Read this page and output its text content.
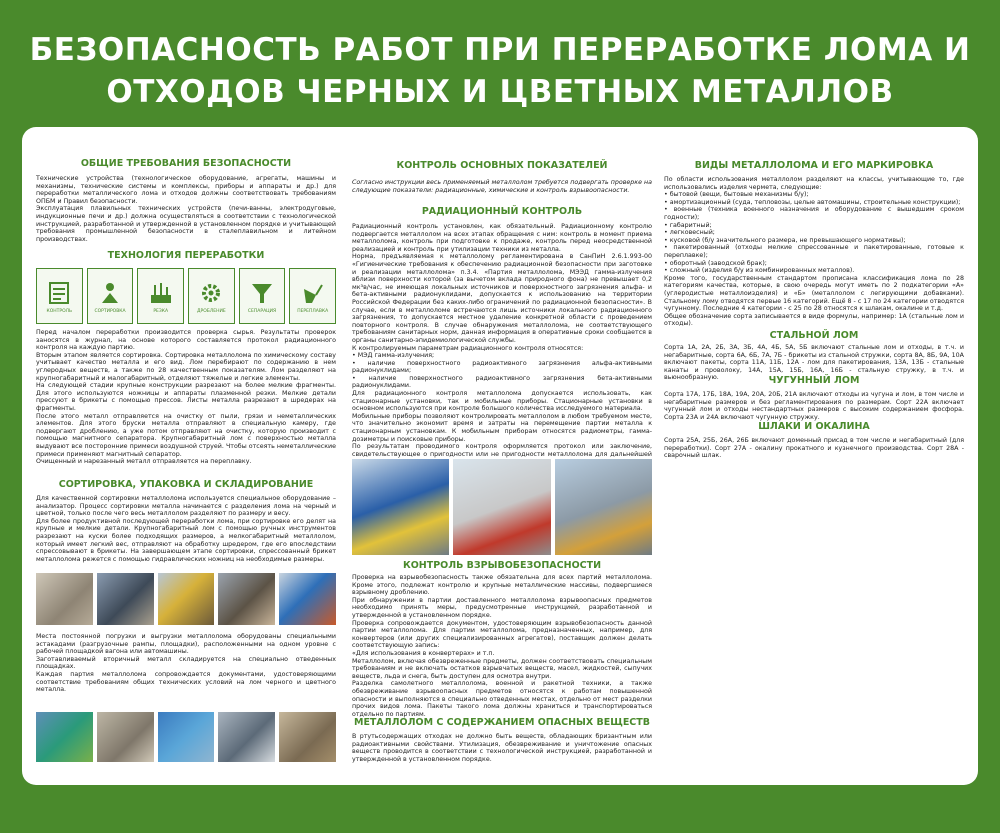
БЕЗОПАСНОСТЬ РАБОТ ПРИ ПЕРЕРАБОТКЕ ЛОМА И
ОТХОДОВ ЧЕРНЫХ И ЦВЕТНЫХ МЕТАЛЛОВ
ОБЩИЕ ТРЕБОВАНИЯ БЕЗОПАСНОСТИ

Технические устройства (технологическое оборудование, агрегаты, машины и механизмы, технические системы и комплексы, приборы и аппараты и др.) для переработки металлического лома и отходов должны соответствовать требованиям ОПБМ и Правил безопасности.
Эксплуатация плавильных технических устройств (печи-ванны, электродуговые, индукционные печи и др.) должна осуществляться в соответствии с технологической инструкцией, разработанной и утвержденной в установленном порядке и учитывающей требования промышленной безопасности в сталеплавильном и литейном производствах.

ТЕХНОЛОГИЯ ПЕРЕРАБОТКИ
КОНТРОЛЬ	СОРТИРОВКА	РЕЗКА	ДРОБЛЕНИЕ	СЕПАРАЦИЯ	ПЕРЕПЛАВКА

Перед началом переработки производится проверка сырья. Результаты проверок заносятся в журнал, на основе которого составляется протокол радиационного контроля на каждую партию.
Вторым этапом является сортировка. Сортировка металлолома по химическому составу учитывает качество металла и его вид. Лом перебирают по содержанию в нем углеродных веществ, а также по 28 качественным показателям. Лом разделяют на крупногабаритный и малогабаритный, отделяют тяжелые и легкие элементы.
На следующей стадии крупные конструкции разрезают на более мелкие фрагменты. Для этого используются ножницы и аппараты плазменной резки. Мелкие детали прессуют в брикеты с помощью прессов. Листы металла разрезают в шредерах на фрагменты.
После этого металл отправляется на очистку от пыли, грязи и неметаллических элементов. Для этого бруски металла отправляют в специальную камеру, где подвергают дроблению, а уже потом отправляют на очистку, которую производит с помощью магнитного сепаратора. Крупногабаритный лом с поверхностью металла выдувают все посторонние примеси воздушной струей. Чтобы отсеять неметаллические примеси применяют магнитный сепаратор.
Очищенный и нарезанный металл отправляется на переплавку.

СОРТИРОВКА, УПАКОВКА И СКЛАДИРОВАНИЕ

Для качественной сортировки металлолома используется специальное оборудование – анализатор. Процесс сортировки металла начинается с разделения лома на черный и цветной, только после чего весь металлолом разделяют по размеру и весу.
Для более продуктивной последующей переработки лома, при сортировке его делят на крупные и мелкие детали. Крупногабаритный лом с помощью ручных инструментов разрезают на куски более подходящих размеров, а мелкогабаритный металлолом, который имеет легкий вес, отправляют на обработку шредером, где его впоследствии спрессовывают в брикеты. На завершающем этапе сортировки, спрессованный брикет металлолома режется с помощью гидравлических ножниц на необходимые размеры.

Места постоянной погрузки и выгрузки металлолома оборудованы специальными эстакадами (разгрузочные рампы, площадки), расположенными на одном уровне с рабочей площадкой вагона или автомашины.
Заготавливаемый вторичный металл складируется на специально отведенных площадках.
Каждая партия металлолома сопровождается документами, удостоверяющими соответствие требованиям общих технических условий на лом черного и цветного металла.

КОНТРОЛЬ ОСНОВНЫХ ПОКАЗАТЕЛЕЙ

Согласно инструкции весь применяемый металлолом требуется подвергать проверке на следующие показатели: радиационные, химические и контроль взрывоопасности.

РАДИАЦИОННЫЙ КОНТРОЛЬ

Радиационный контроль установлен, как обязательный. Радиационному контролю подвергается металлолом на всех этапах обращения с ним: контроль в момент приема металлолома, контроль при подготовке к продаже, контроль перед неосредственной реализацией и контроль при утилизации техники из металла.
Норма, предъявляемая к металлолому регламентирована в СанПиН 2.6.1.993-00 «Гигиенические требования к обеспечению радиационной безопасности при заготовке и реализации металлолома» п.3.4. «Партия металлолома, МЭЭД гамма-излучения вблизи поверхности которой (за вычетом вклада природного фона) не превышает 0,2 мк³в/час, не имеющая локальных источников и поверхностного загрязнения альфа- и бета-активными радионуклидами, допускается к использованию на территории Российской Федерации без каких-либо ограничений по радиационной безопасности». В случае, если в металлоломе встречаются лишь источники локального радиационного загрязнения, то допускается местное удаление конкретной области с проведением повторного контроля. В случае обнаружения металлолома, не соответствующего требованиям санитарных норм, данная информация в оперативные сроки сообщается в органы санитарно-эпидемиологической службы.
К контролируемым параметрам радиационного контроля относятся:
• МЭД гамма-излучения;
• наличие поверхностного радиоактивного загрязнения альфа-активными радионуклидами;
• наличие поверхностного радиоактивного загрязнения бета-активными радионуклидами.
Для радиационного контроля металлолома допускается использовать, как стационарные установки, так и мобильные приборы. Стационарные установки в основном используются при контроле большого количества исследуемого материала.
Мобильные приборы позволяют контролировать металлолом в любом требуемом месте, что значительно экономит время и затраты на перемещение партии металла к стационарным установкам. К мобильным приборам относятся радиометры, гамма-дозиметры и поисковые приборы.
По результатам проводимого контроля оформляется протокол или заключение, свидетельствующее о пригодности или не пригодности металлолома для дальнейшей

КОНТРОЛЬ ВЗРЫВОБЕЗОПАСНОСТИ

Проверка на взрывобезопасность также обязательна для всех партий металлолома. Кроме этого, подлежат контролю и крупные металлические массивы, подвергшиеся взрывному дроблению.
При обнаружении в партии доставленного металлолома взрывоопасных предметов необходимо принять меры, предусмотренные инструкцией, разработанной и утвержденной в установленном порядке.
Проверка сопровождается документом, удостоверяющим взрывобезопасность данной партии металлолома. Для партии металлолома, предназначенных, например, для конвертеров (или других специализированных агрегатов), поставщик должен делать соответствующую запись:
«Для использования в конвертерах» и т.п.
Металлолом, включая обезвреженные предметы, должен соответствовать специальным требованиям и не включать остатков взрывчатых веществ, масел, жидкостей, сыпучих веществ, льда и снега, быть доступен для осмотра внутри.
Разделка самолетного металлолома, военной и ракетной техники, а также обезвреживание взрывоопасных предметов относятся к работам повышенной опасности и выполняются в специально отведенных местах, отдельно от мест разделки прочих видов лома. Пакеты такого лома должны храниться и транспортироваться отдельно по партиям.

МЕТАЛЛОЛОМ С СОДЕРЖАНИЕМ ОПАСНЫХ ВЕЩЕСТВ

В ртутьсодержащих отходах не должно быть веществ, обладающих бризантным или радиоактивными свойствами. Утилизация, обезвреживание и уничтожение опасных веществ проводится в соответствии с технологической инструкцией, разработанной и утвержденной в установленном порядке.

ВИДЫ МЕТАЛЛОЛОМА И ЕГО МАРКИРОВКА

По области использования металлолом разделяют на классы, учитывающие то, где использовались изделия чермета, следующие:
• бытовой (вещи, бытовые механизмы б/у);
• амортизационный (суда, тепловозы, целые автомашины, строительные конструкции);
• военные (техника военного назначения и оборудование с вышедшим сроком годности);
• габаритный;
• легковесный;
• кусковой (б/у значительного размера, не превышающего нормативы);
• пакетированный (отходы мелкие спрессованные и пакетированные, готовые к переплавке);
• оборотный (заводской брак);
• сложный (изделия б/у из комбинированных металлов).
Кроме того, государственным стандартом прописана классификация лома по 28 категориям качества, которые, в свою очередь могут иметь по 2 подкатегории «А» (углеродистые металлоизделия) и «Б» (металлолом с легирующими добавками). Стальному лому отводятся первые 16 категорий. Ещё 8 - с 17 по 24 категории отводятся чугунному. Последние 4 категории - с 25 по 28 относятся к шлакам, окалине и т.д.
Общее обозначение сорта записывается в виде формулы, например: 1А (стальные лом и отходы).

СТАЛЬНОЙ ЛОМ

Сорта 1А, 2А, 2Б, 3А, 3Б, 4А, 4Б, 5А, 5Б включают стальные лом и отходы, в т.ч. и негабаритные, сорта 6А, 6Б, 7А, 7Б - брикеты из стальной стружки, сорта 8А, 8Б, 9А, 10А включают пакеты, сорта 11А, 11Б, 12А - лом для пакетирования, 13А, 13Б - стальные канаты и проволоку, 14А, 15А, 15Б, 16А, 16Б - стальную стружку, в т.ч. и вьюнообразную.	ЧУГУННЫЙ ЛОМ

Сорта 17А, 17Б, 18А, 19А, 20А, 20Б, 21А включают отходы из чугуна и лом, в том числе и негабаритные размеров и без регламентирования по размерам. Сорт 22А включает чугунный лом и отходы нестандартных размеров с высоким содержанием фосфора. Сорта 23А и 24А включают чугунную стружку.

ШЛАКИ И ОКАЛИНА

Сорта 25А, 25Б, 26А, 26Б включают доменный присад в том числе и негабаритный (для переработки). Сорт 27А - окалину прокатного и кузнечного производства. Сорт 28А - сварочный шлак.
